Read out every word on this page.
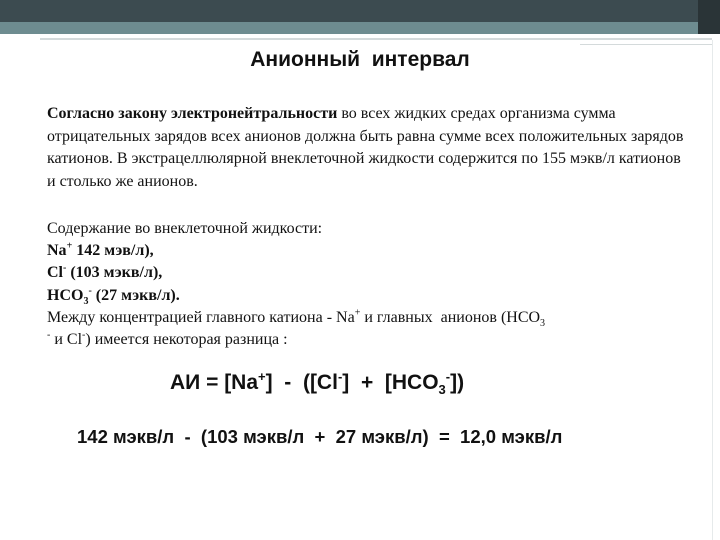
Анионный  интервал
Согласно закону электронейтральности во всех жидких средах организма сумма отрицательных зарядов всех анионов должна быть равна сумме всех положительных зарядов катионов. В экстрацеллюлярной внеклеточной жидкости содержится по 155 мэкв/л катионов и столько же анионов.
Содержание во внеклеточной жидкости:
Na+ 142 мэв/л),
Cl- (103 мэкв/л),
$HCO_3^-$ (27 мэкв/л).
Между концентрацией главного катиона - Na+ и главных  анионов ($HCO_3$
- и Cl-) имеется некоторая разница :
АИ = $[Na^+] - ([Cl^-] + [HCO_3^-])$
142 мэкв/л  -  (103 мэкв/л  +  27 мэкв/л)  =  12,0 мэкв/л
